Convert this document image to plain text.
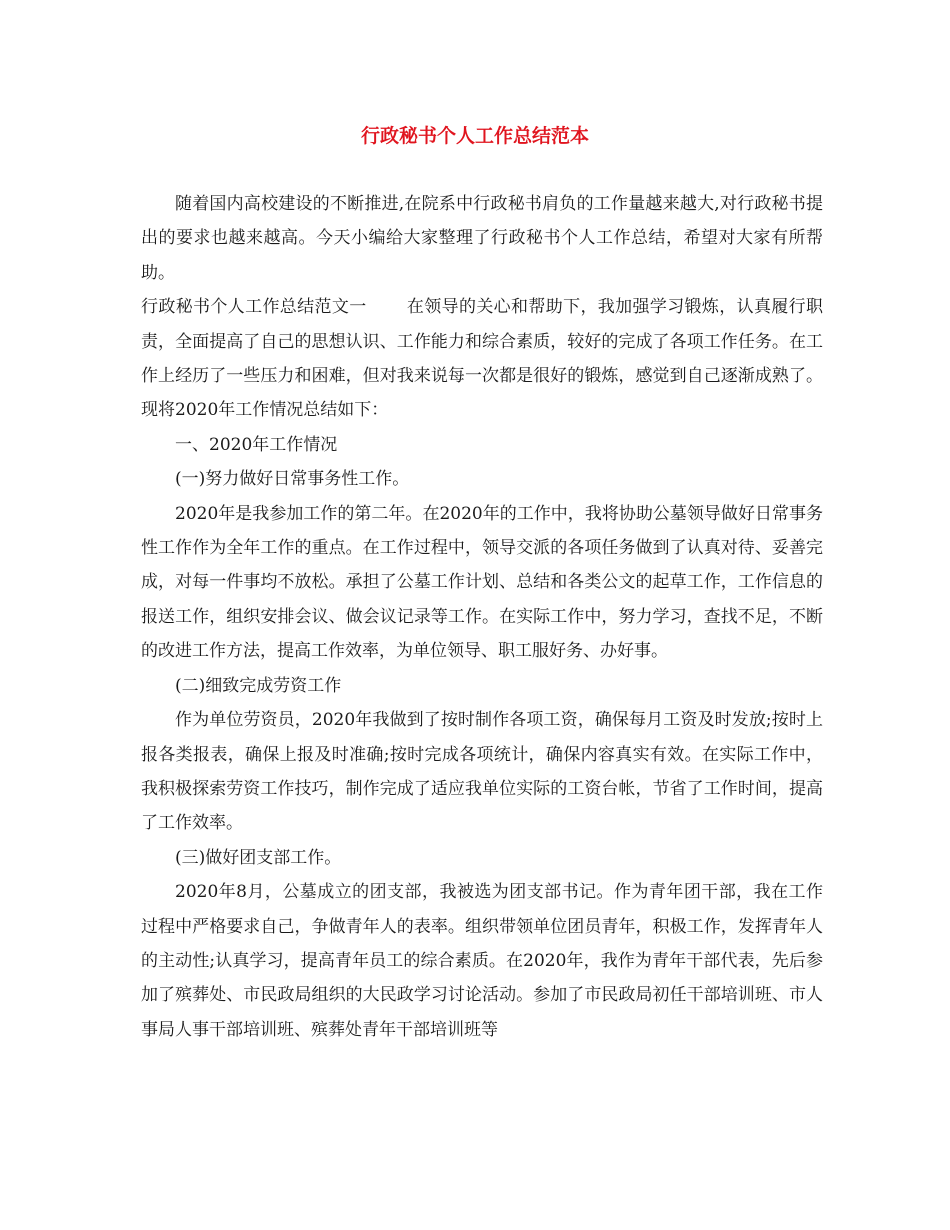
行政秘书个人工作总结范本

随着国内高校建设的不断推进,在院系中行政秘书肩负的工作量越来越大,对行政秘书提出的要求也越来越高。今天小编给大家整理了行政秘书个人工作总结，希望对大家有所帮助。

行政秘书个人工作总结范文一 在领导的关心和帮助下，我加强学习锻炼，认真履行职责，全面提高了自己的思想认识、工作能力和综合素质，较好的完成了各项工作任务。在工作上经历了一些压力和困难，但对我来说每一次都是很好的锻炼，感觉到自己逐渐成熟了。现将2020年工作情况总结如下：

一、2020年工作情况

(一)努力做好日常事务性工作。

2020年是我参加工作的第二年。在2020年的工作中，我将协助公墓领导做好日常事务性工作作为全年工作的重点。在工作过程中，领导交派的各项任务做到了认真对待、妥善完成，对每一件事均不放松。承担了公墓工作计划、总结和各类公文的起草工作，工作信息的报送工作，组织安排会议、做会议记录等工作。在实际工作中，努力学习，查找不足，不断的改进工作方法，提高工作效率，为单位领导、职工服好务、办好事。

(二)细致完成劳资工作

作为单位劳资员，2020年我做到了按时制作各项工资，确保每月工资及时发放;按时上报各类报表，确保上报及时准确;按时完成各项统计，确保内容真实有效。在实际工作中，我积极探索劳资工作技巧，制作完成了适应我单位实际的工资台帐，节省了工作时间，提高了工作效率。

(三)做好团支部工作。

2020年8月，公墓成立的团支部，我被选为团支部书记。作为青年团干部，我在工作过程中严格要求自己，争做青年人的表率。组织带领单位团员青年，积极工作，发挥青年人的主动性;认真学习，提高青年员工的综合素质。在2020年，我作为青年干部代表，先后参加了殡葬处、市民政局组织的大民政学习讨论活动。参加了市民政局初任干部培训班、市人事局人事干部培训班、殡葬处青年干部培训班等
